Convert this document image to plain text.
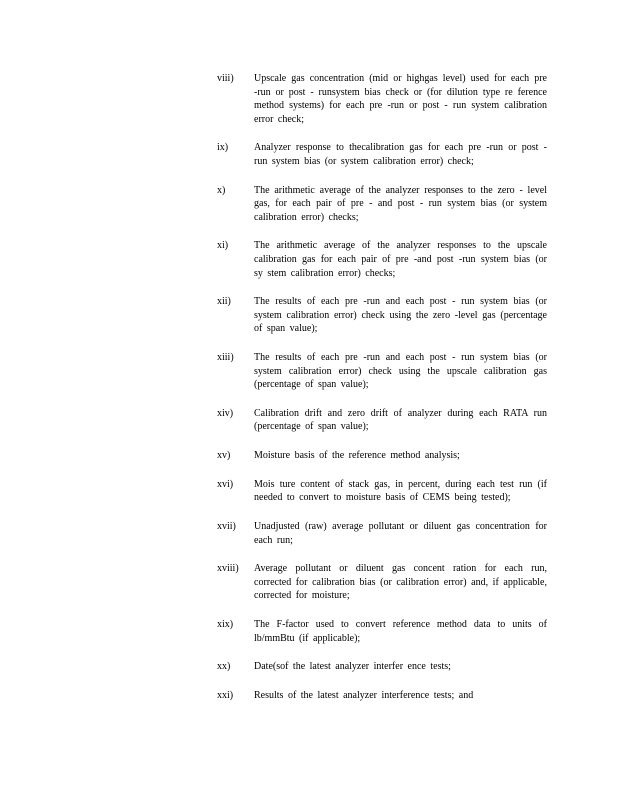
viii)	Upscale gas concentration (mid or highgas level) used for each pre -run or post - runsystem bias check or (for dilution type re ference method systems) for each pre -run or post - run system calibration error check;
ix)	Analyzer response to thecalibration gas for each pre -run or post -run system bias (or system calibration error) check;
x)	The arithmetic average of the analyzer responses to the zero - level gas, for each pair of pre - and post - run system bias (or system calibration error) checks;
xi)	The arithmetic average of the analyzer responses to the upscale calibration gas for each pair of pre -and post -run system bias (or sy stem calibration error) checks;
xii)	The results of each pre -run and each post - run system bias (or system calibration error) check using the zero -level gas (percentage of span value);
xiii)	The results of each pre -run and each post - run system bias (or system calibration error) check using the upscale calibration gas (percentage of span value);
xiv)	Calibration drift and zero drift of analyzer during each RATA run (percentage of span value);
xv)	Moisture basis of the reference method analysis;
xvi)	Mois ture content of stack gas, in percent, during each test run (if needed to convert to moisture basis of CEMS being tested);
xvii)	Unadjusted (raw) average pollutant or diluent gas concentration for each run;
xviii)	Average pollutant or diluent gas concent ration for each run, corrected for calibration bias (or calibration error) and, if applicable, corrected for moisture;
xix)	The F-factor used to convert reference method data to units of lb/mmBtu (if applicable);
xx)	Date(sof the latest analyzer interfer ence tests;
xxi)	Results of the latest analyzer interference tests; and
